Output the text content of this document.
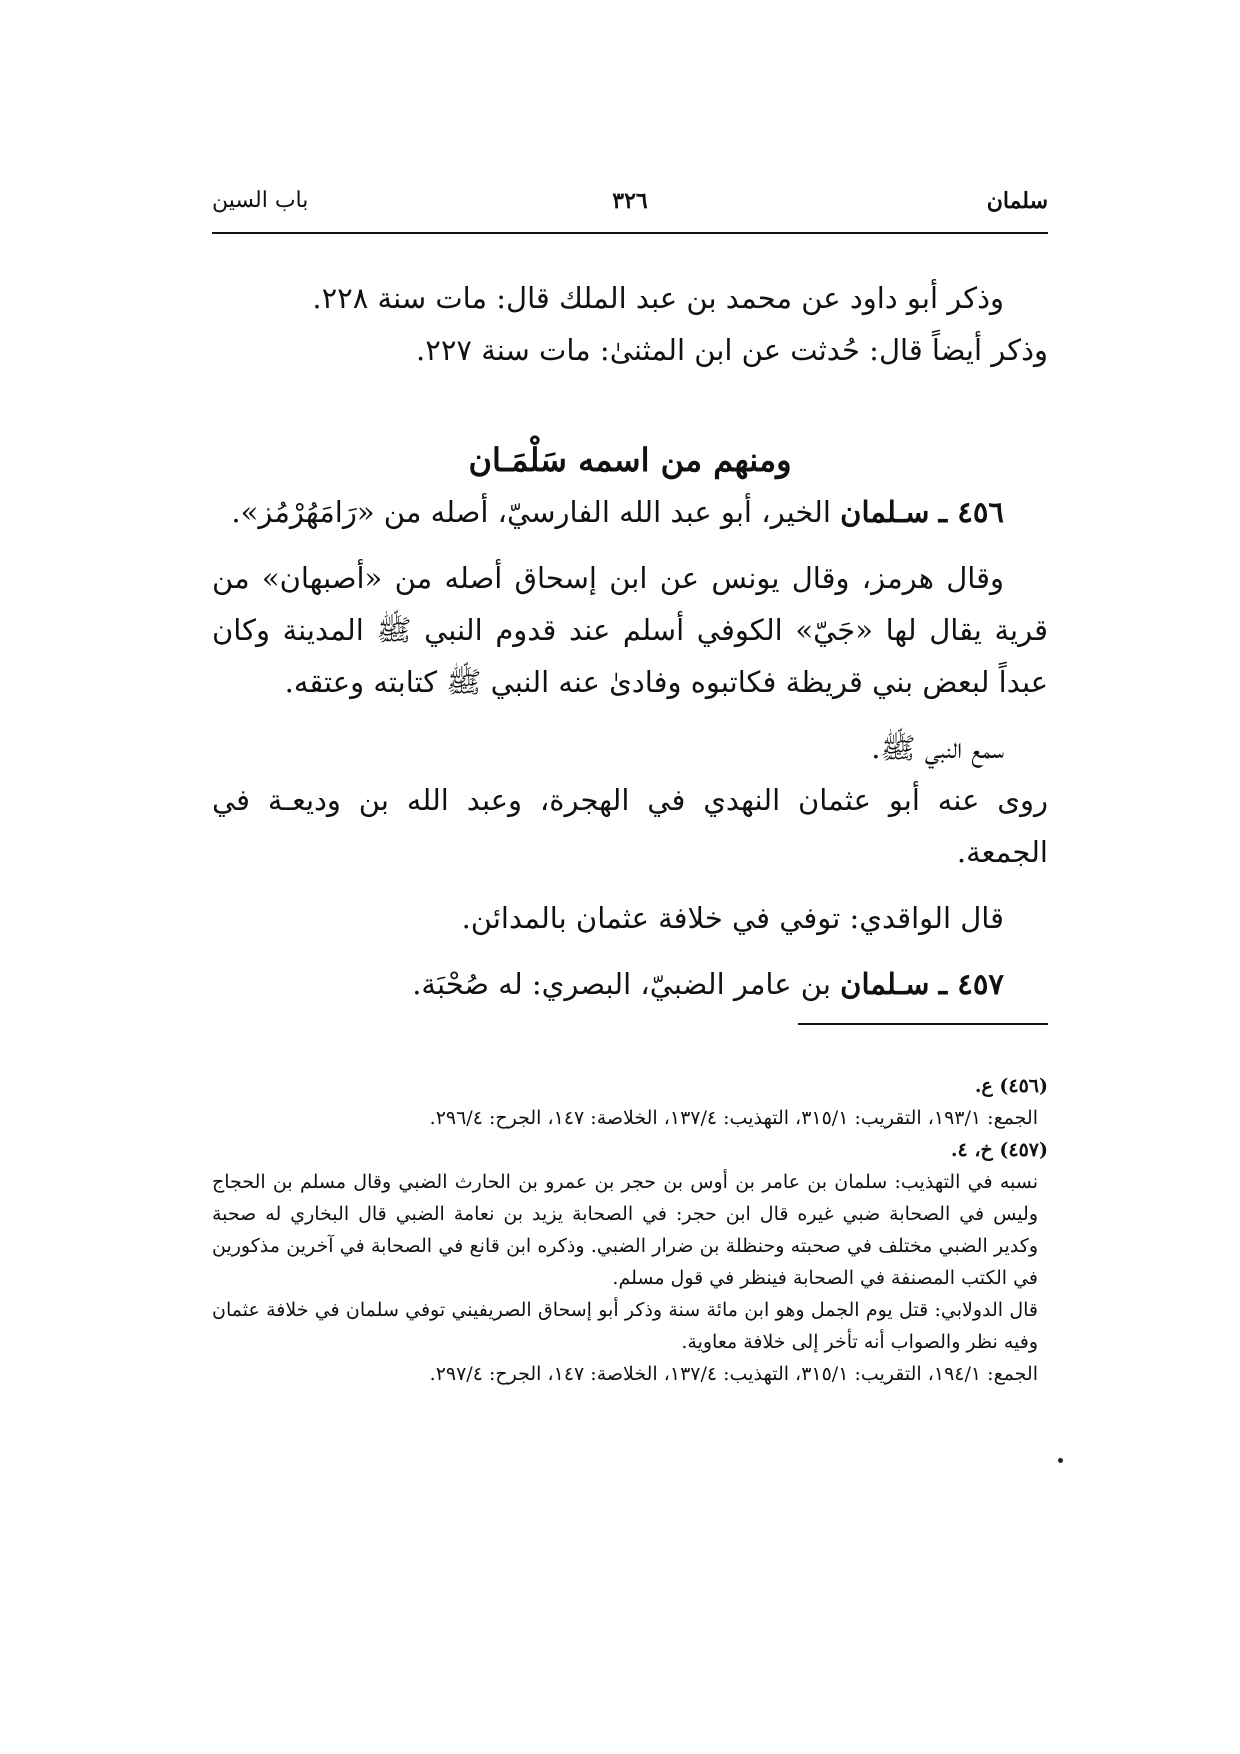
سلمان
٣٢٦
باب السين

وذكر أبو داود عن محمد بن عبد الملك قال: مات سنة ٢٢٨.

وذكر أيضاً قال: حُدثت عن ابن المثنىٰ: مات سنة ٢٢٧.

ومنهم من اسمه سَلْمَـان

٤٥٦ ـ سـلمان الخير، أبو عبد الله الفارسيّ، أصله من «رَامَهُرْمُز».

وقال هرمز، وقال يونس عن ابن إسحاق أصله من «أصبهان» من قرية يقال لها «جَيّ» الكوفي أسلم عند قدوم النبي ﷺ المدينة وكان عبداً لبعض بني قريظة فكاتبوه وفادىٰ عنه النبي ﷺ كتابته وعتقه.

سمع النبي ﷺ.

روى عنه أبو عثمان النهدي في الهجرة، وعبد الله بن وديعـة في الجمعة.

قال الواقدي: توفي في خلافة عثمان بالمدائن.

٤٥٧ ـ سـلمان بن عامر الضبيّ، البصري: له صُحْبَة.

(٤٥٦) ع.

الجمع: ١٩٣/١، التقريب: ٣١٥/١، التهذيب: ١٣٧/٤، الخلاصة: ١٤٧، الجرح: ٢٩٦/٤.

(٤٥٧) خ، ٤.

نسبه في التهذيب: سلمان بن عامر بن أوس بن حجر بن عمرو بن الحارث الضبي وقال مسلم بن الحجاج وليس في الصحابة ضبي غيره قال ابن حجر: في الصحابة يزيد بن نعامة الضبي قال البخاري له صحبة وكدير الضبي مختلف في صحبته وحنظلة بن ضرار الضبي. وذكره ابن قانع في الصحابة في آخرين مذكورين في الكتب المصنفة في الصحابة فينظر في قول مسلم.

قال الدولابي: قتل يوم الجمل وهو ابن مائة سنة وذكر أبو إسحاق الصريفيني توفي سلمان في خلافة عثمان وفيه نظر والصواب أنه تأخر إلى خلافة معاوية.

الجمع: ١٩٤/١، التقريب: ٣١٥/١، التهذيب: ١٣٧/٤، الخلاصة: ١٤٧، الجرح: ٢٩٧/٤.
